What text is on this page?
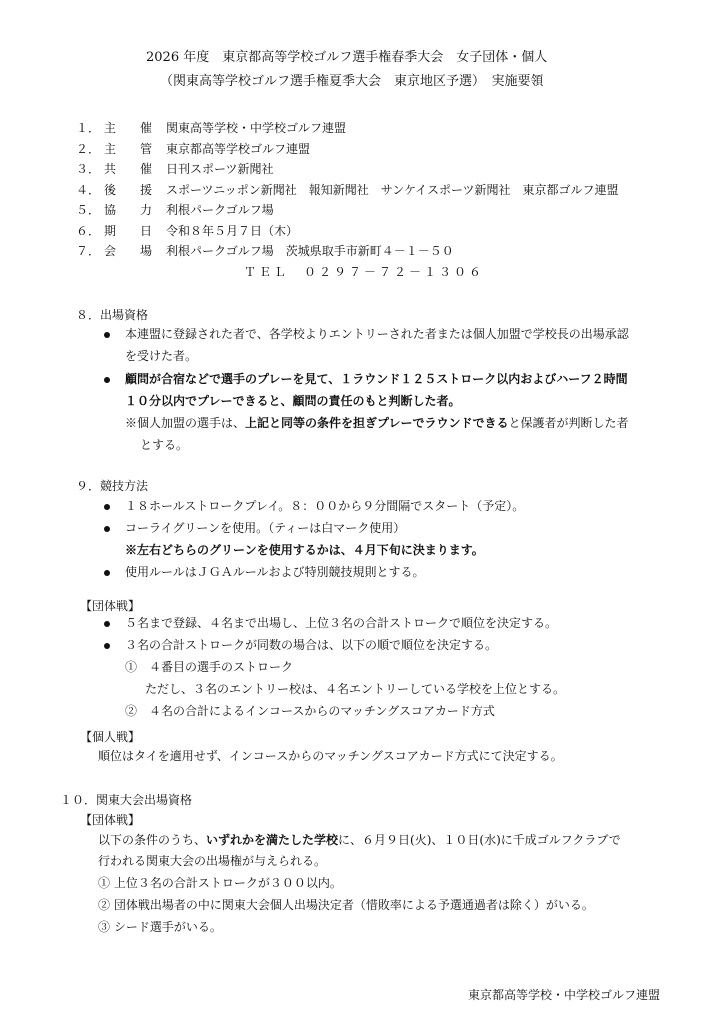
2026 年度　東京都高等学校ゴルフ選手権春季大会　女子団体・個人
（関東高等学校ゴルフ選手権夏季大会　東京地区予選）　実施要領
１． 主　　催 関東高等学校・中学校ゴルフ連盟
２． 主　　管 東京都高等学校ゴルフ連盟
３． 共　　催 日刊スポーツ新聞社
４． 後　　援 スポーツニッポン新聞社　報知新聞社　サンケイスポーツ新聞社　東京都ゴルフ連盟
５． 協　　力 利根パークゴルフ場
６． 期　　日 令和８年５月７日（木）
７． 会　　場 利根パークゴルフ場　茨城県取手市新町４－１－５０
ＴＥＬ　０２９７－７２－１３０６
８．出場資格
本連盟に登録された者で、各学校よりエントリーされた者または個人加盟で学校長の出場承認
を受けた者。
顧問が合宿などで選手のプレーを見て、１ラウンド１２５ストローク以内およびハーフ２時間
１０分以内でプレーできると、顧問の責任のもと判断した者。
※個人加盟の選手は、上記と同等の条件を担ぎプレーでラウンドできると保護者が判断した者
とする。
９．競技方法
１８ホールストロークプレイ。８：００から９分間隔でスタート（予定）。
コーライグリーンを使用。（ティーは白マーク使用）
※左右どちらのグリーンを使用するかは、４月下旬に決まります。
使用ルールはＪＧＡルールおよび特別競技規則とする。
【団体戦】
５名まで登録、４名まで出場し、上位３名の合計ストロークで順位を決定する。
３名の合計ストロークが同数の場合は、以下の順で順位を決定する。
①　４番目の選手のストローク
ただし、３名のエントリー校は、４名エントリーしている学校を上位とする。
②　４名の合計によるインコースからのマッチングスコアカード方式
【個人戦】
順位はタイを適用せず、インコースからのマッチングスコアカード方式にて決定する。
１０．関東大会出場資格
【団体戦】
以下の条件のうち、いずれかを満たした学校に、６月９日(火)、１０日(水)に千成ゴルフクラブで
行われる関東大会の出場権が与えられる。
① 上位３名の合計ストロークが３００以内。
② 団体戦出場者の中に関東大会個人出場決定者（惜敗率による予選通過者は除く）がいる。
③ シード選手がいる。
東京都高等学校・中学校ゴルフ連盟
